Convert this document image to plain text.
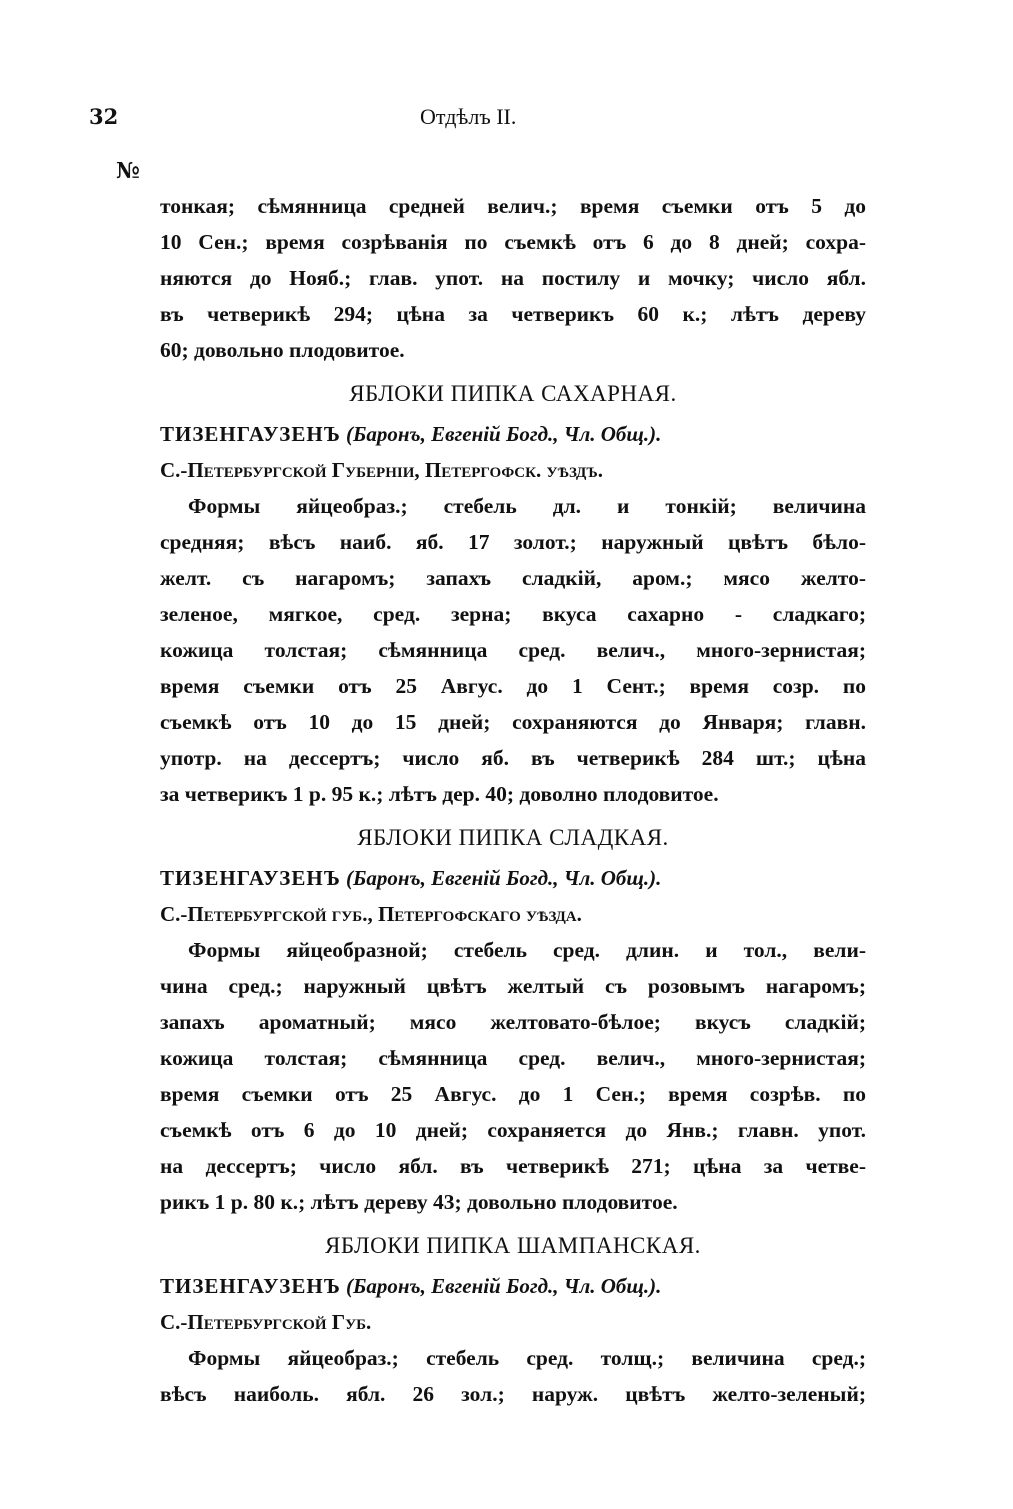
32	Отдѣлъ II.
№
тонкая; сѣмянница средней велич.; время съемки отъ 5 до
10 Сен.; время созрѣванія по съемкѣ отъ 6 до 8 дней; сохра-
няются до Нояб.; глав. упот. на постилу и мочку; число ябл.
въ четверикѣ 294; цѣна за четверикъ 60 к.; лѣтъ дереву
60; довольно плодовитое.
ЯБЛОКИ ПИПКА САХАРНАЯ.
ТИЗЕНГАУЗЕНЪ (Баронъ, Евгеній Богд., Чл. Общ.).
С.-Петербургской Губерніи, Петергофск. уѣздъ.
Формы яйцеобраз.; стебель дл. и тонкій; величина
средняя; вѣсъ наиб. яб. 17 золот.; наружный цвѣтъ бѣло-
желт. съ нагаромъ; запахъ сладкій, аром.; мясо желто-
зеленое, мягкое, сред. зерна; вкуса сахарно - сладкаго;
кожица толстая; сѣмянница сред. велич., много-зернистая;
время съемки отъ 25 Авгус. до 1 Сент.; время созр. по
съемкѣ отъ 10 до 15 дней; сохраняются до Января; главн.
употр. на дессертъ; число яб. въ четверикѣ 284 шт.; цѣна
за четверикъ 1 р. 95 к.; лѣтъ дер. 40; доволно плодовитое.
ЯБЛОКИ ПИПКА СЛАДКАЯ.
ТИЗЕНГАУЗЕНЪ (Баронъ, Евгеній Богд., Чл. Общ.).
С.-Петербургской губ., Петергофскаго уѣзда.
Формы яйцеобразной; стебель сред. длин. и тол., вели-
чина сред.; наружный цвѣтъ желтый съ розовымъ нагаромъ;
запахъ ароматный; мясо желтовато-бѣлое; вкусъ сладкій;
кожица толстая; сѣмянница сред. велич., много-зернистая;
время съемки отъ 25 Авгус. до 1 Сен.; время созрѣв. по
съемкѣ отъ 6 до 10 дней; сохраняется до Янв.; главн. упот.
на дессертъ; число ябл. въ четверикѣ 271; цѣна за четве-
рикъ 1 р. 80 к.; лѣтъ дереву 43; довольно плодовитое.
ЯБЛОКИ ПИПКА ШАМПАНСКАЯ.
ТИЗЕНГАУЗЕНЪ (Баронъ, Евгеній Богд., Чл. Общ.).
С.-Петербургской Губ.
Формы яйцеобраз.; стебель сред. толщ.; величина сред.;
вѣсъ наиболь. ябл. 26 зол.; наруж. цвѣтъ желто-зеленый;
